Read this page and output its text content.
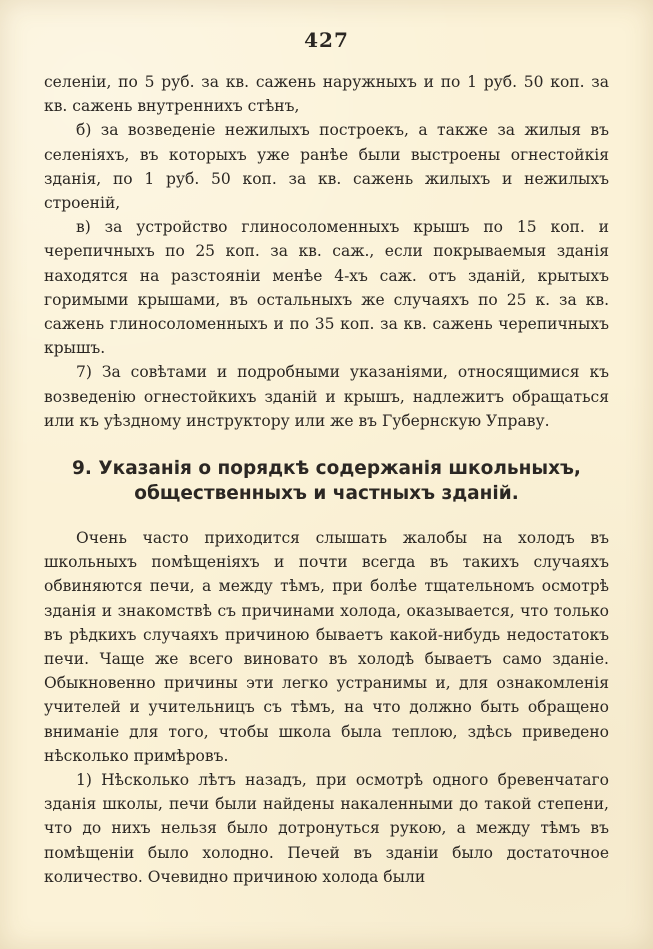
427

селеніи, по 5 руб. за кв. сажень наружныхъ и по 1 руб. 50 коп. за кв. сажень внутреннихъ стѣнъ,

б) за возведеніе нежилыхъ построекъ, а также за жилыя въ селеніяхъ, въ которыхъ уже ранѣе были выстроены огнестойкія зданія, по 1 руб. 50 коп. за кв. сажень жилыхъ и нежилыхъ строеній,

в) за устройство глиносоломенныхъ крышъ по 15 коп. и черепичныхъ по 25 коп. за кв. саж., если покрываемыя зданія находятся на разстояніи менѣе 4-хъ саж. отъ зданій, крытыхъ горимыми крышами, въ остальныхъ же случаяхъ по 25 к. за кв. сажень глиносоломенныхъ и по 35 коп. за кв. сажень черепичныхъ крышъ.

7) За совѣтами и подробными указаніями, относящимися къ возведенію огнестойкихъ зданій и крышъ, надлежитъ обращаться или къ уѣздному инструктору или же въ Губернскую Управу.

9. Указанія о порядкѣ содержанія школьныхъ,
общественныхъ и частныхъ зданій.

Очень часто приходится слышать жалобы на холодъ въ школьныхъ помѣщеніяхъ и почти всегда въ такихъ случаяхъ обвиняются печи, а между тѣмъ, при болѣе тщательномъ осмотрѣ зданія и знакомствѣ съ причинами холода, оказывается, что только въ рѣдкихъ случаяхъ причиною бываетъ какой-нибудь недостатокъ печи. Чаще же всего виновато въ холодѣ бываетъ само зданіе. Обыкновенно причины эти легко устранимы и, для ознакомленія учителей и учительницъ съ тѣмъ, на что должно быть обращено вниманіе для того, чтобы школа была теплою, здѣсь приведено нѣсколько примѣровъ.

1) Нѣсколько лѣтъ назадъ, при осмотрѣ одного бревенчатаго зданія школы, печи были найдены накаленными до такой степени, что до нихъ нельзя было дотронуться рукою, а между тѣмъ въ помѣщеніи было холодно. Печей въ зданіи было достаточное количество. Очевидно причиною холода были
